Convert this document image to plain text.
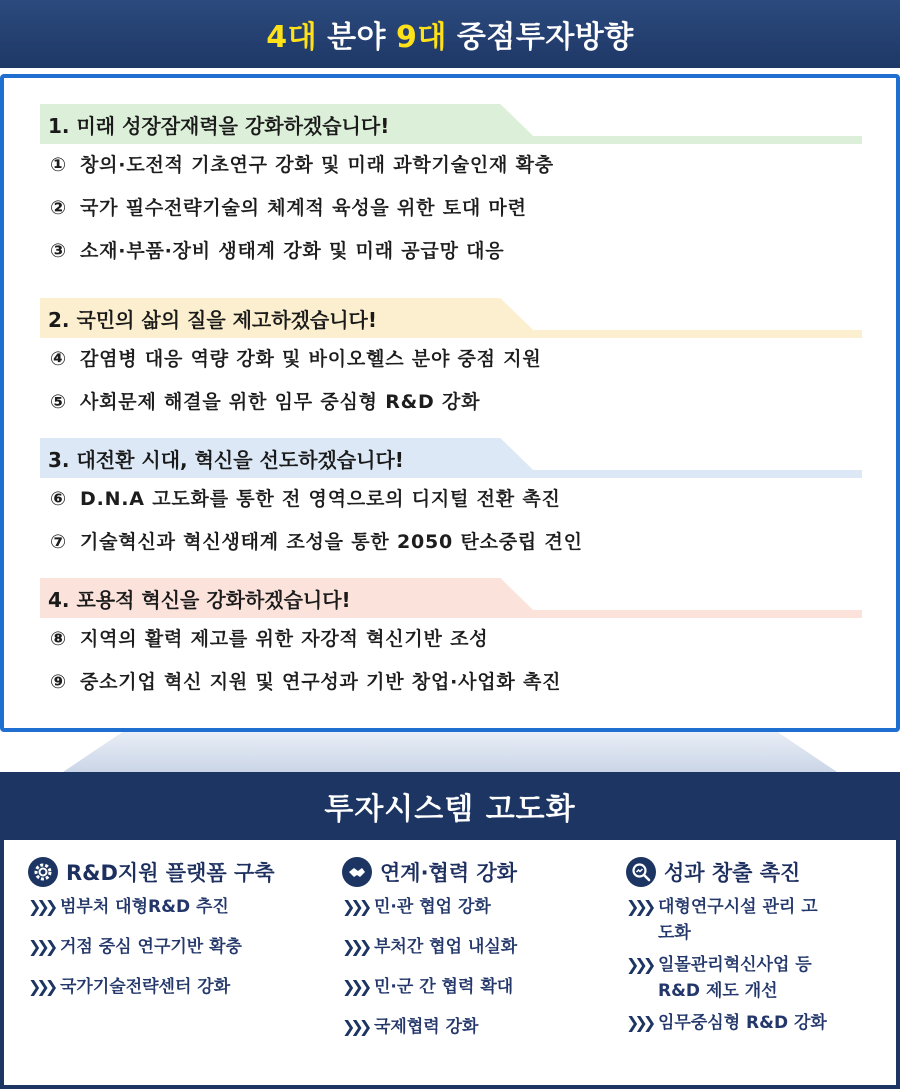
4대 분야 9대 중점투자방향
1. 미래 성장잠재력을 강화하겠습니다!
① 창의·도전적 기초연구 강화 및 미래 과학기술인재 확충
② 국가 필수전략기술의 체계적 육성을 위한 토대 마련
③ 소재·부품·장비 생태계 강화 및 미래 공급망 대응
2. 국민의 삶의 질을 제고하겠습니다!
④ 감염병 대응 역량 강화 및 바이오헬스 분야 중점 지원
⑤ 사회문제 해결을 위한 임무 중심형 R&D 강화
3. 대전환 시대, 혁신을 선도하겠습니다!
⑥ D.N.A 고도화를 통한 전 영역으로의 디지털 전환 촉진
⑦ 기술혁신과 혁신생태계 조성을 통한 2050 탄소중립 견인
4. 포용적 혁신을 강화하겠습니다!
⑧ 지역의 활력 제고를 위한 자강적 혁신기반 조성
⑨ 중소기업 혁신 지원 및 연구성과 기반 창업·사업화 촉진
투자시스템 고도화
R&D지원 플랫폼 구축
❯❯❯ 범부처 대형R&D 추진
❯❯❯ 거점 중심 연구기반 확충
❯❯❯ 국가기술전략센터 강화
연계·협력 강화
❯❯❯ 민·관 협업 강화
❯❯❯ 부처간 협업 내실화
❯❯❯ 민·군 간 협력 확대
❯❯❯ 국제협력 강화
성과 창출 촉진
❯❯❯ 대형연구시설 관리 고도화
❯❯❯ 일몰관리혁신사업 등 R&D 제도 개선
❯❯❯ 임무중심형 R&D 강화
